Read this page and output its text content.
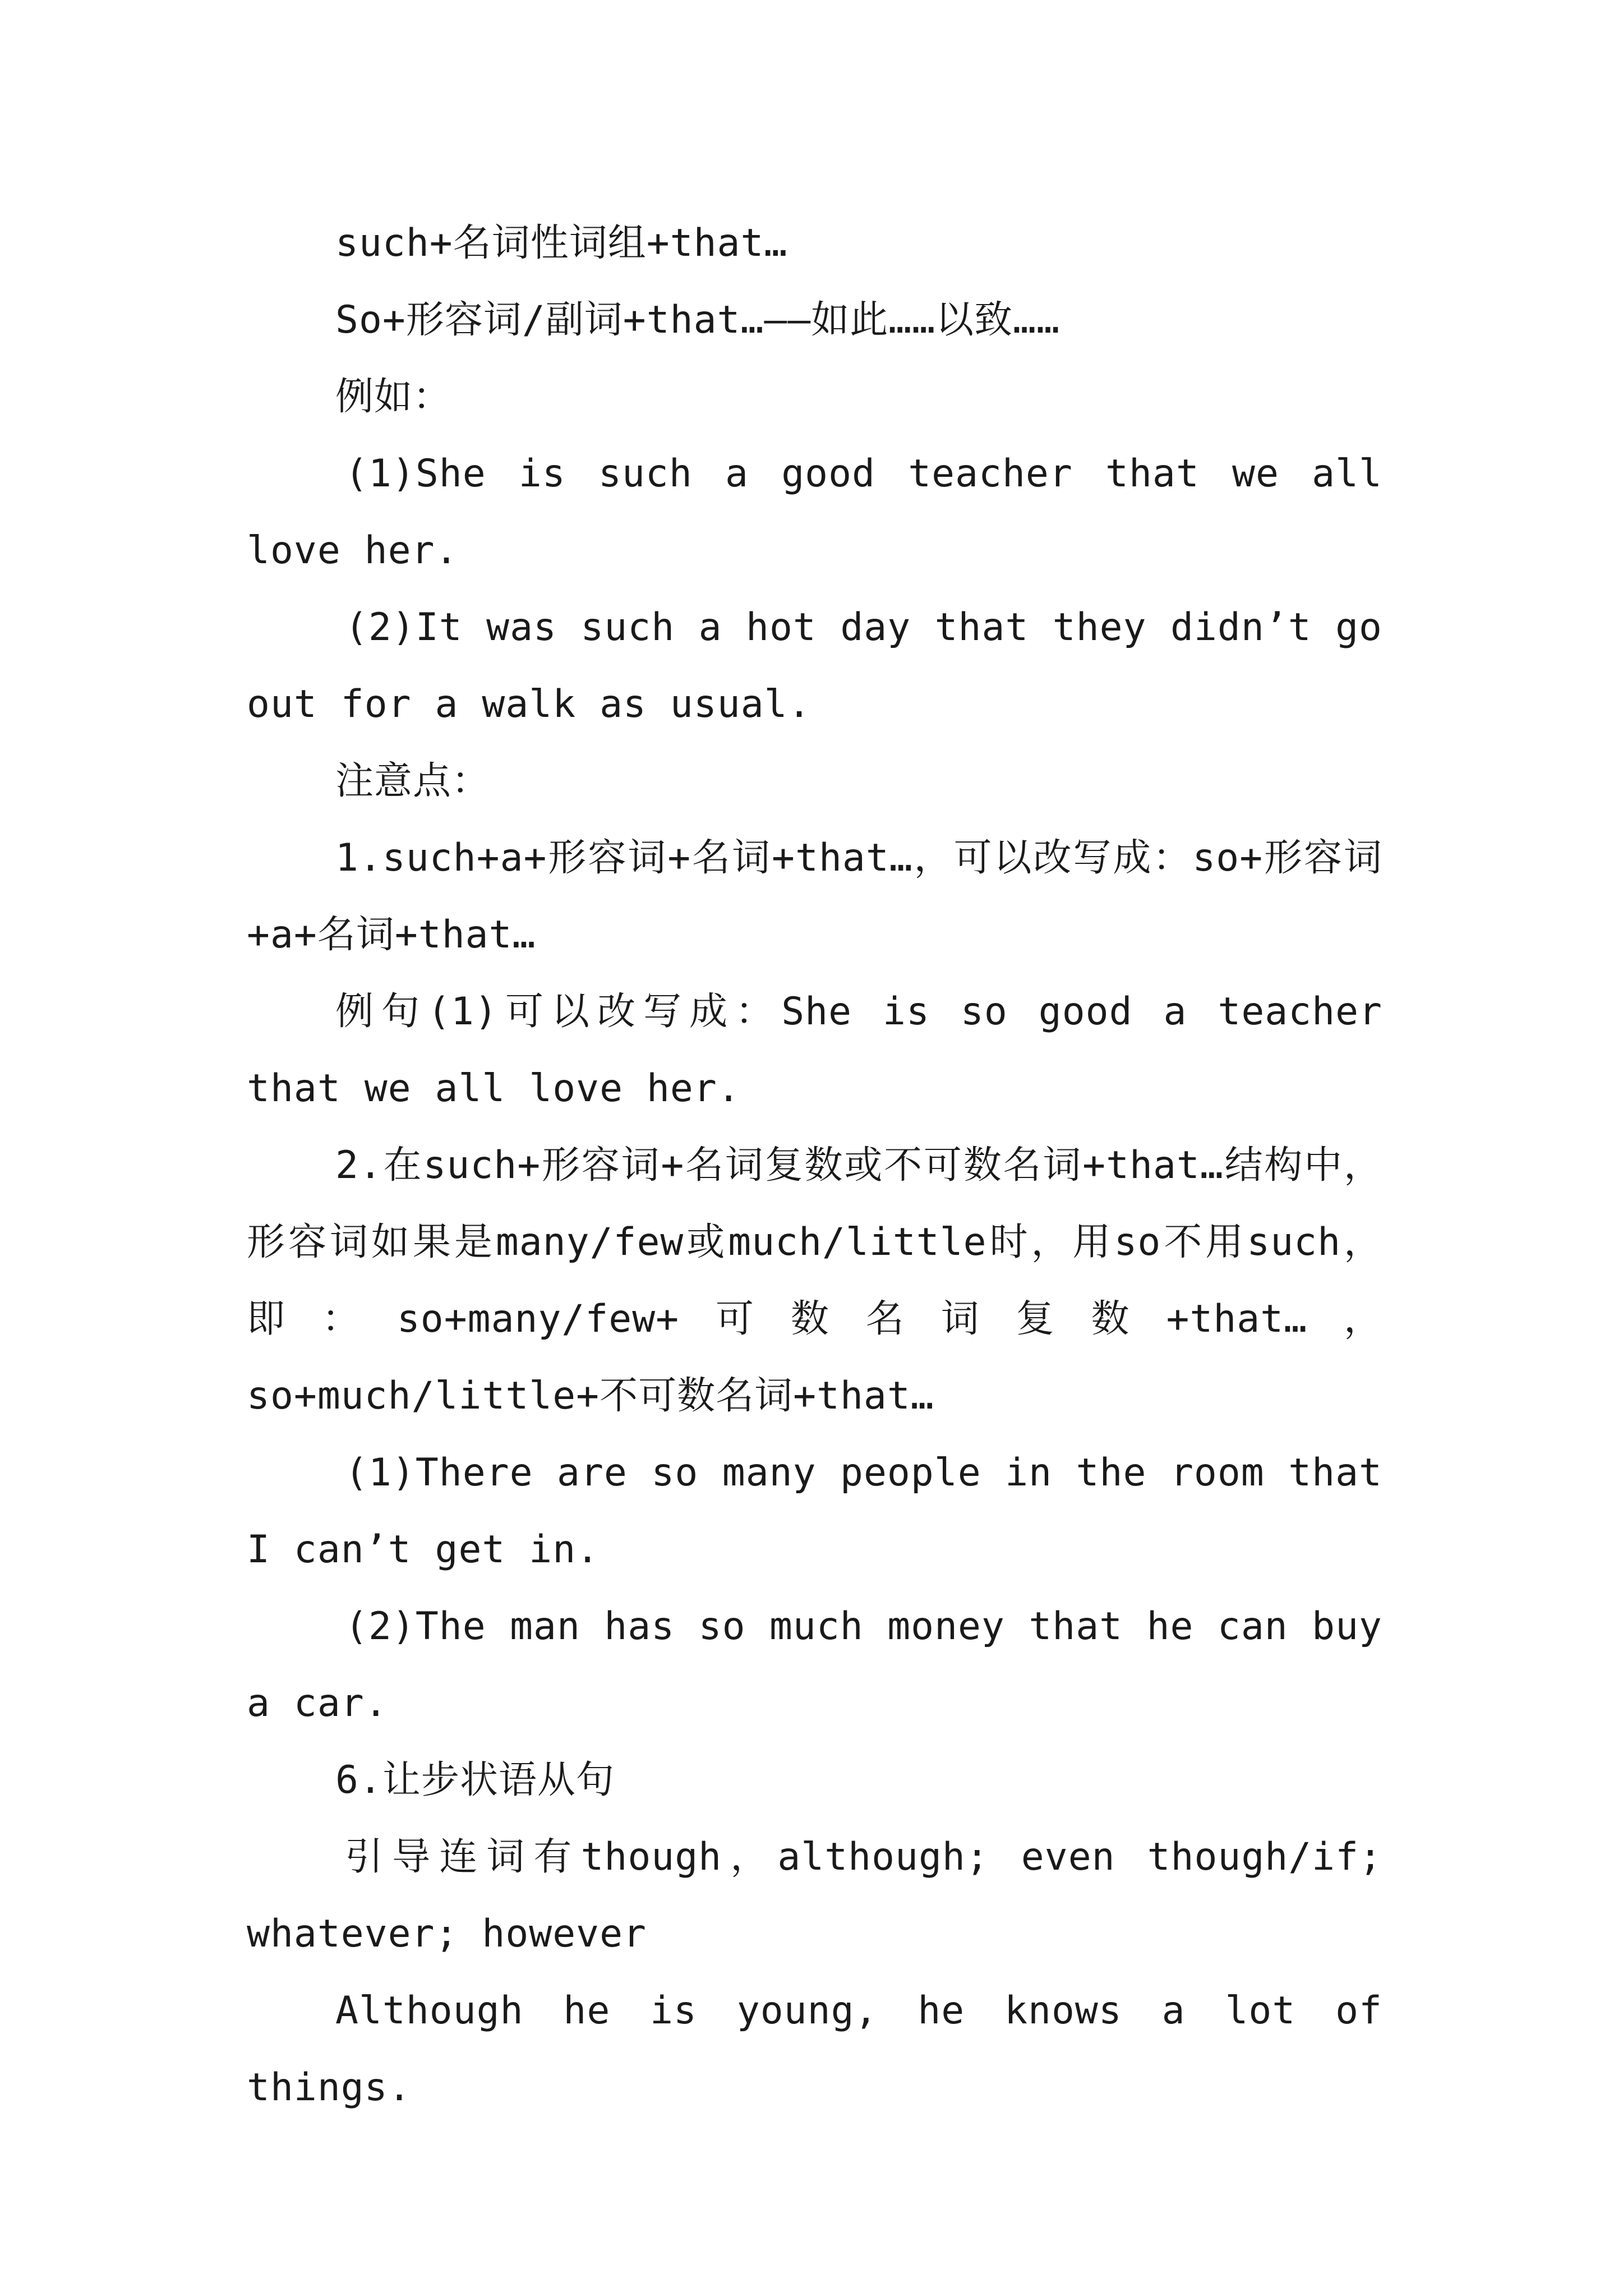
such+名词性词组+that…

So+形容词/副词+that…——如此……以致……

例如：

(1)She is such a good teacher that we all love her.

(2)It was such a hot day that they didn’t go out for a walk as usual.

注意点：

1.such+a+形容词+名词+that…，可以改写成：so+形容词+a+名词+that…

例句(1)可以改写成：She is so good a teacher that we all love her.

2.在such+形容词+名词复数或不可数名词+that…结构中，形容词如果是many/few或much/little时，用so不用such，即：so+many/few+可数名词复数+that…，so+much/little+不可数名词+that…

(1)There are so many people in the room that I can’t get in.

(2)The man has so much money that he can buy a car.

6.让步状语从句

引导连词有though，although; even though/if; whatever; however

Although he is young, he knows a lot of things.
